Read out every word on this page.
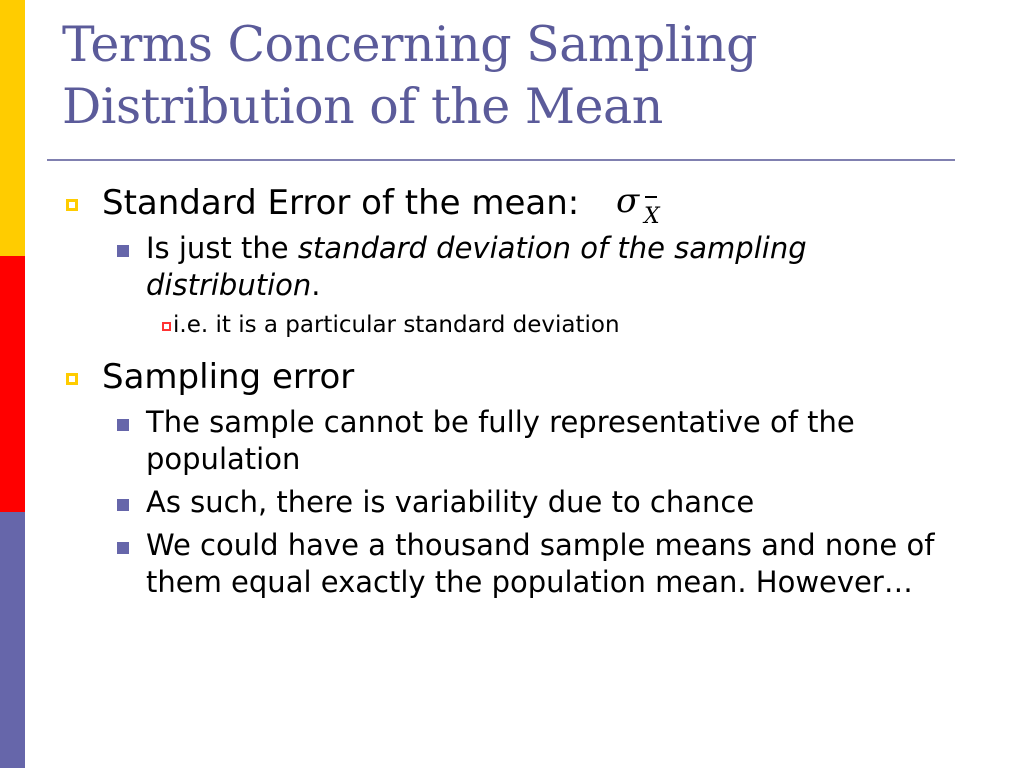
Terms Concerning Sampling
Distribution of the Mean
Standard Error of the mean: σ X
Is just the standard deviation of the sampling distribution.
i.e. it is a particular standard deviation
Sampling error
The sample cannot be fully representative of the population
As such, there is variability due to chance
We could have a thousand sample means and none of them equal exactly the population mean. However…
